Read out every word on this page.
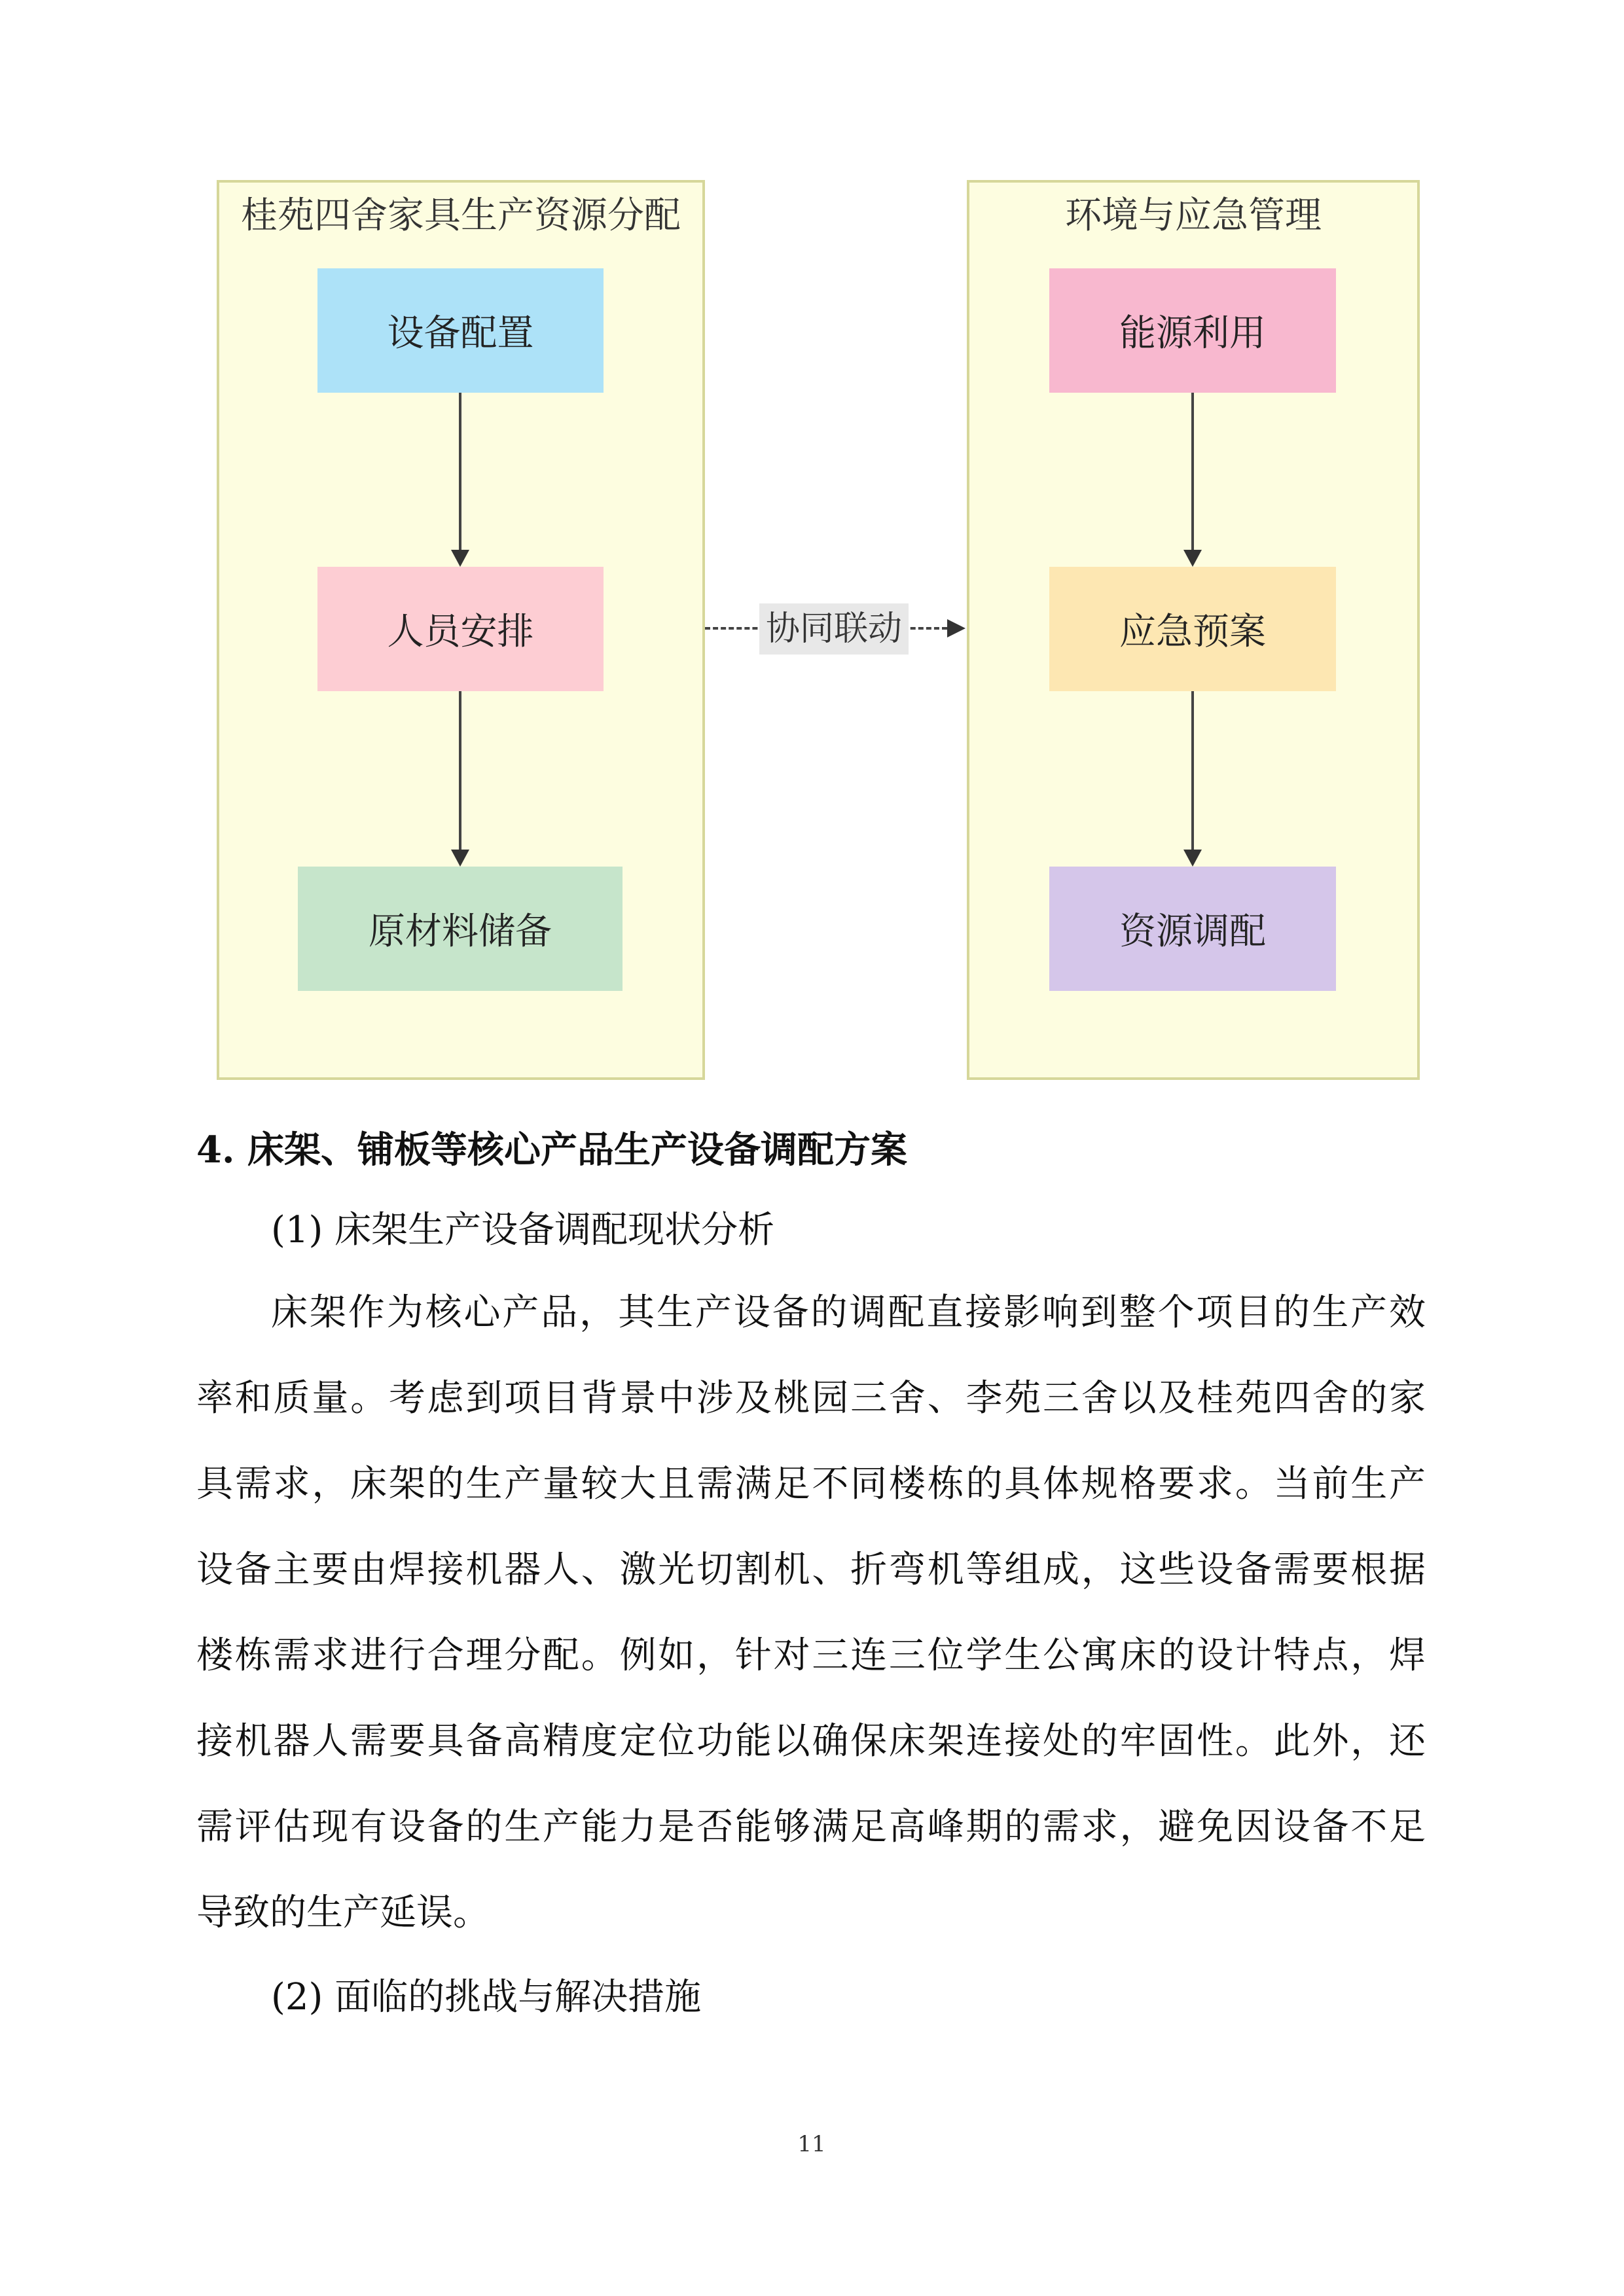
桂苑四舍家具生产资源分配	环境与应急管理
设备配置
人员安排
原材料储备
能源利用
应急预案
资源调配
协同联动
4. 床架、铺板等核心产品生产设备调配方案
(1) 床架生产设备调配现状分析
床架作为核心产品，其生产设备的调配直接影响到整个项目的生产效
率和质量。考虑到项目背景中涉及桃园三舍、李苑三舍以及桂苑四舍的家
具需求，床架的生产量较大且需满足不同楼栋的具体规格要求。当前生产
设备主要由焊接机器人、激光切割机、折弯机等组成，这些设备需要根据
楼栋需求进行合理分配。例如，针对三连三位学生公寓床的设计特点，焊
接机器人需要具备高精度定位功能以确保床架连接处的牢固性。此外，还
需评估现有设备的生产能力是否能够满足高峰期的需求，避免因设备不足
导致的生产延误。
(2) 面临的挑战与解决措施
11
